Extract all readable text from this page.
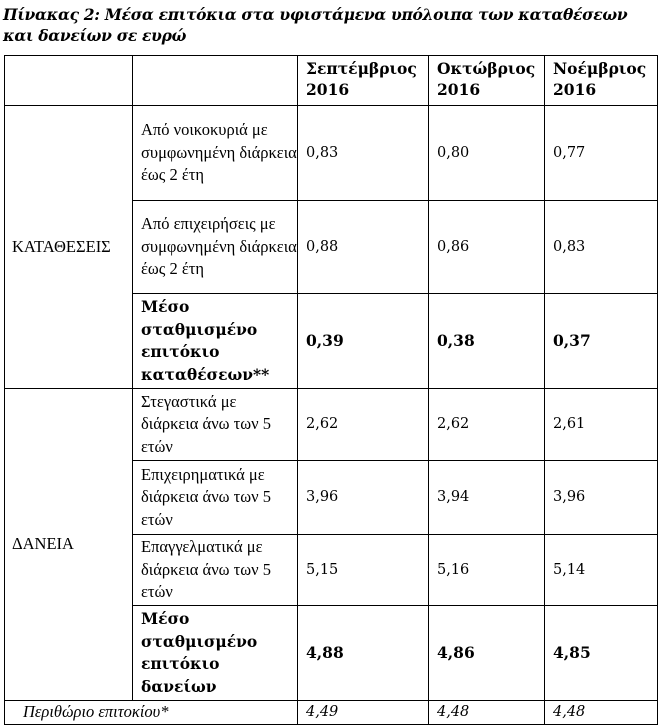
Πίνακας 2: Μέσα επιτόκια στα υφιστάμενα υπόλοιπα των καταθέσεων
και δανείων σε ευρώ
		Σεπτέμβριος 2016	Οκτώβριος 2016	Νοέμβριος 2016
ΚΑΤΑΘΕΣΕΙΣ	Από νοικοκυριά με συμφωνημένη διάρκεια έως 2 έτη	0,83	0,80	0,77
	Από επιχειρήσεις με συμφωνημένη διάρκεια έως 2 έτη	0,88	0,86	0,83
	Μέσο σταθμισμένο επιτόκιο καταθέσεων**	0,39	0,38	0,37
ΔΑΝΕΙΑ	Στεγαστικά με διάρκεια άνω των 5 ετών	2,62	2,62	2,61
	Επιχειρηματικά με διάρκεια άνω των 5 ετών	3,96	3,94	3,96
	Επαγγελματικά με διάρκεια άνω των 5 ετών	5,15	5,16	5,14
	Μέσο σταθμισμένο επιτόκιο δανείων	4,88	4,86	4,85
Περιθώριο επιτοκίου*		4,49	4,48	4,48
